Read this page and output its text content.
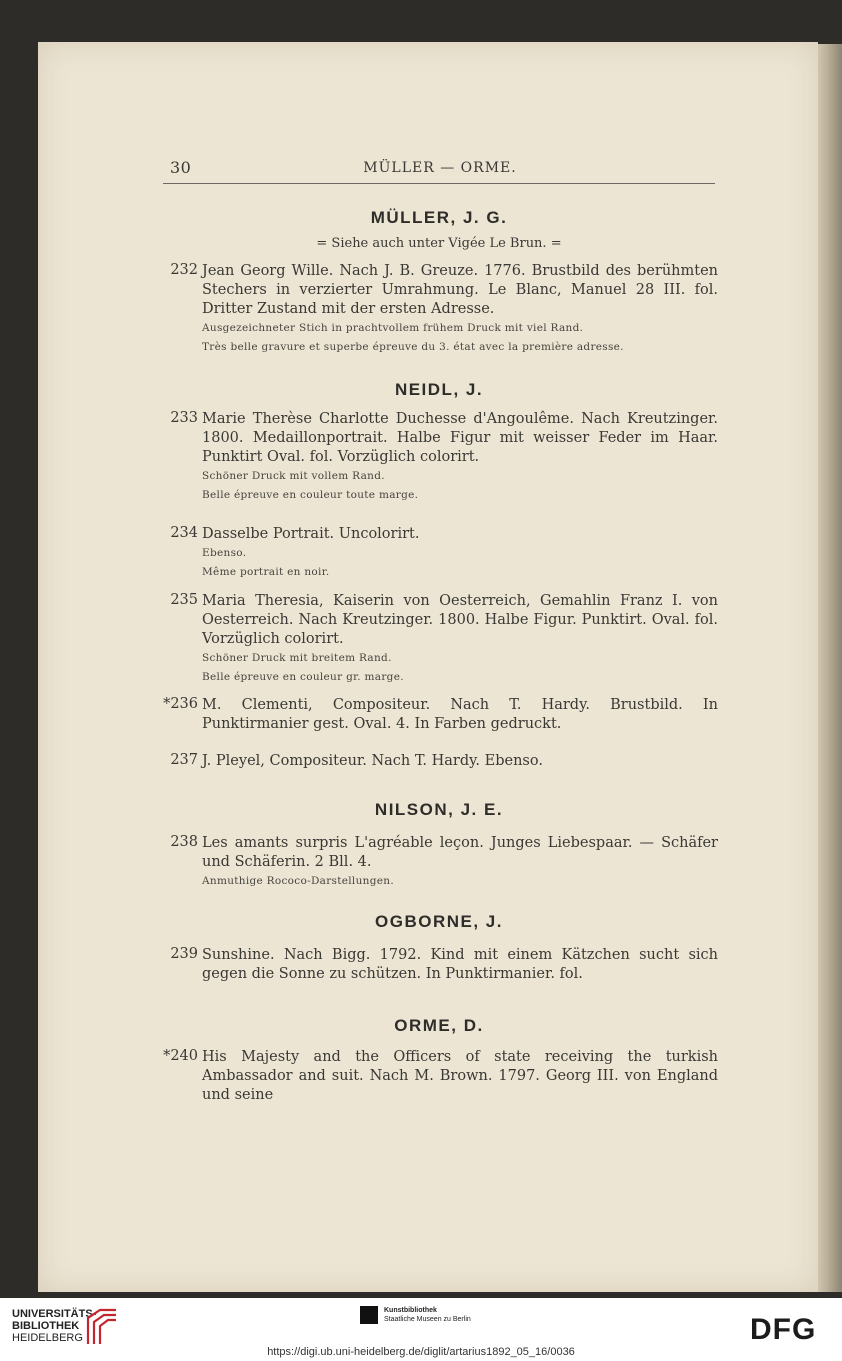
30	MÜLLER — ORME.
MÜLLER, J. G.
= Siehe auch unter Vigée Le Brun. =
232 Jean Georg Wille. Nach J. B. Greuze. 1776. Brustbild des berühmten Stechers in verzierter Umrahmung. Le Blanc, Manuel 28 III. fol. Dritter Zustand mit der ersten Adresse.

Ausgezeichneter Stich in prachtvollem frühem Druck mit viel Rand.

Très belle gravure et superbe épreuve du 3. état avec la première adresse.

NEIDL, J.
233 Marie Therèse Charlotte Duchesse d'Angoulême. Nach Kreutzinger. 1800. Medaillonportrait. Halbe Figur mit weisser Feder im Haar. Punktirt Oval. fol. Vorzüglich colorirt.

Schöner Druck mit vollem Rand.

Belle épreuve en couleur toute marge.

234 Dasselbe Portrait. Uncolorirt.

Ebenso.

Même portrait en noir.

235 Maria Theresia, Kaiserin von Oesterreich, Gemahlin Franz I. von Oesterreich. Nach Kreutzinger. 1800. Halbe Figur. Punktirt. Oval. fol. Vorzüglich colorirt.

Schöner Druck mit breitem Rand.

Belle épreuve en couleur gr. marge.

*236 M. Clementi, Compositeur. Nach T. Hardy. Brustbild. In Punktirmanier gest. Oval. 4. In Farben gedruckt.

237 J. Pleyel, Compositeur. Nach T. Hardy. Ebenso.

NILSON, J. E.
238 Les amants surpris L'agréable leçon. Junges Liebespaar. — Schäfer und Schäferin. 2 Bll. 4.

Anmuthige Rococo-Darstellungen.

OGBORNE, J.
239 Sunshine. Nach Bigg. 1792. Kind mit einem Kätzchen sucht sich gegen die Sonne zu schützen. In Punktirmanier. fol.

ORME, D.
*240 His Majesty and the Officers of state receiving the turkish Ambassador and suit. Nach M. Brown. 1797. Georg III. von England und seine

UNIVERSITÄTS-
BIBLIOTHEK
HEIDELBERG
Kunstbibliothek
Staatliche Museen zu Berlin	DFG
https://digi.ub.uni-heidelberg.de/diglit/artarius1892_05_16/0036
